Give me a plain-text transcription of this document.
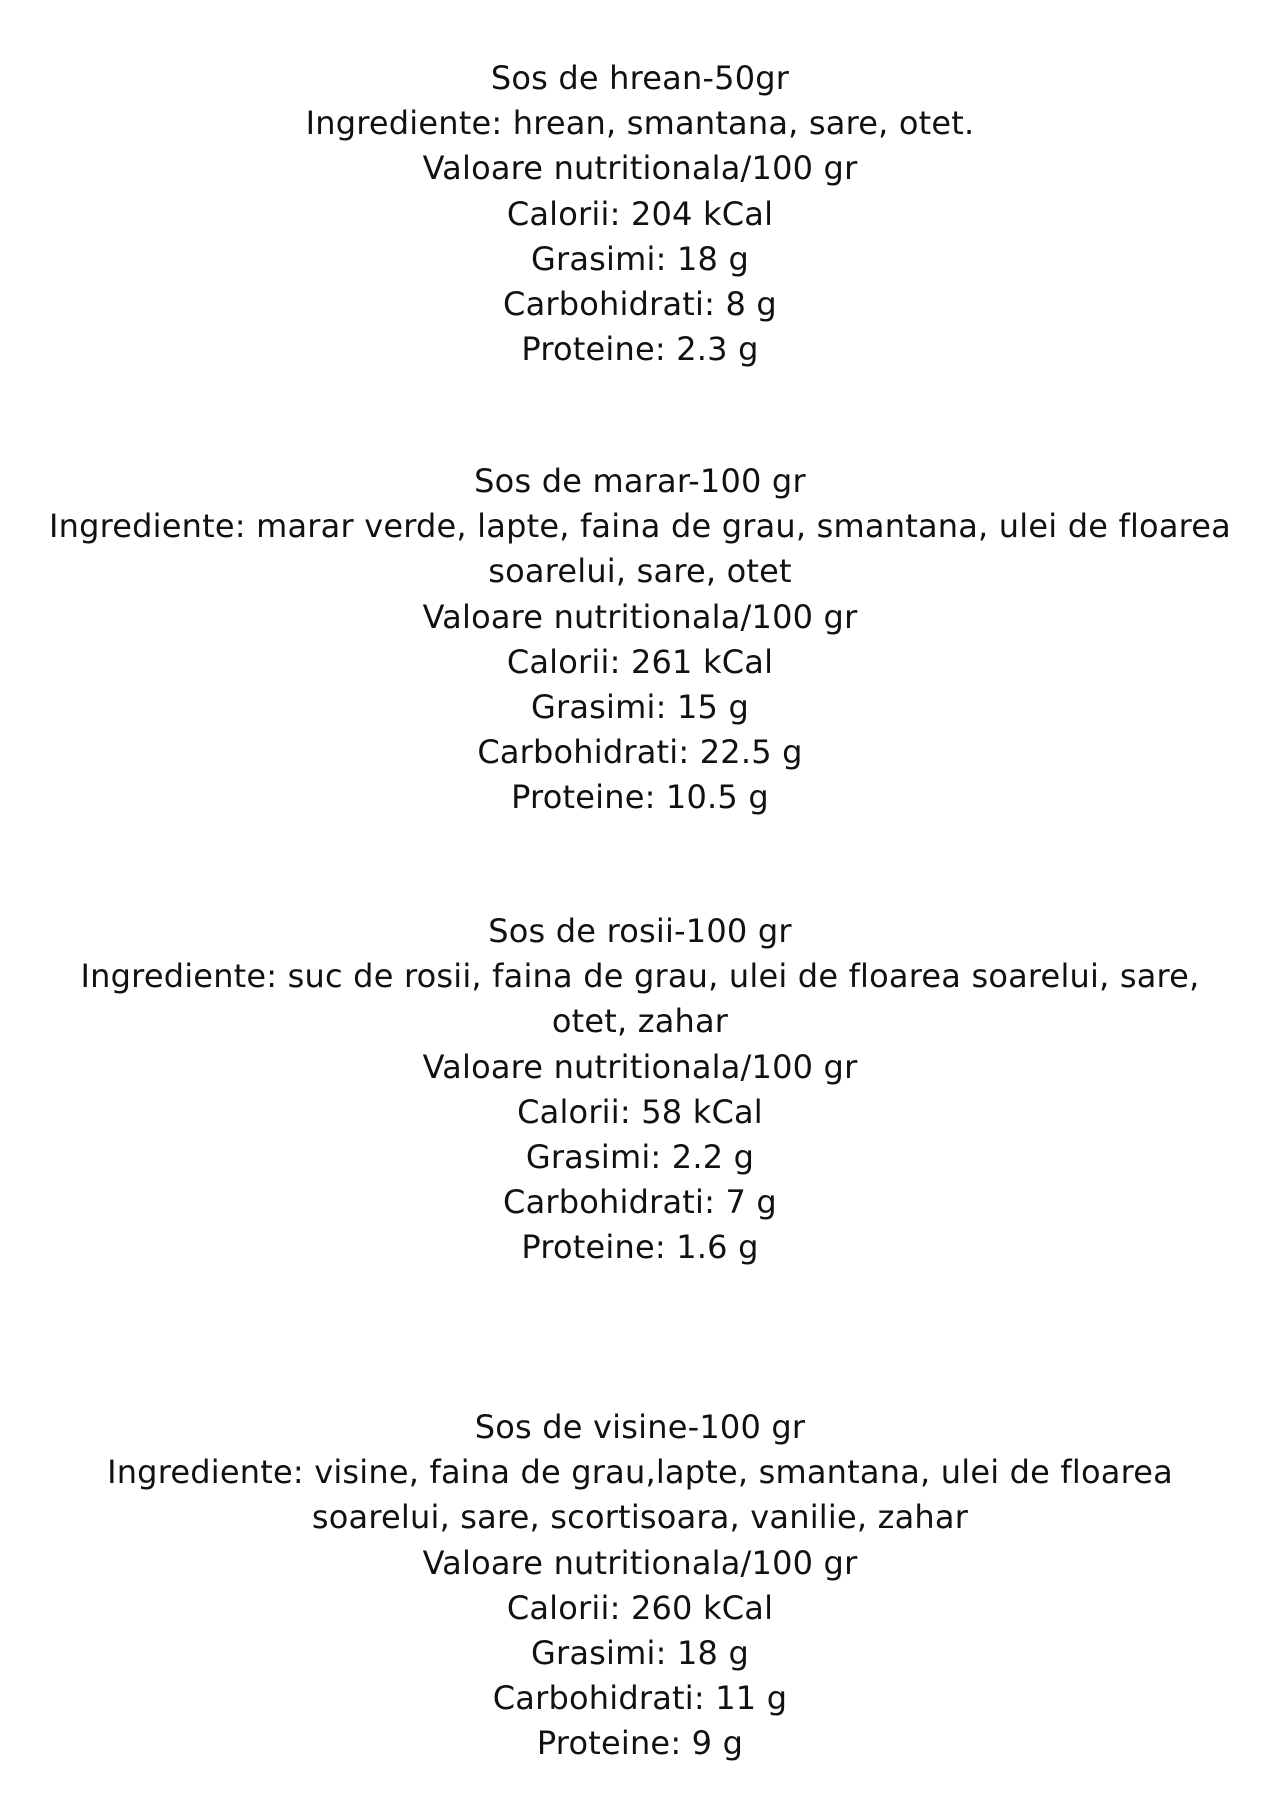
Sos de hrean-50gr
Ingrediente: hrean, smantana, sare, otet.
Valoare nutritionala/100 gr
Calorii: 204 kCal
Grasimi: 18 g
Carbohidrati: 8 g
Proteine: 2.3 g
Sos de marar-100 gr
Ingrediente: marar verde, lapte, faina de grau, smantana, ulei de floarea soarelui, sare, otet
Valoare nutritionala/100 gr
Calorii: 261 kCal
Grasimi: 15 g
Carbohidrati: 22.5 g
Proteine: 10.5 g
Sos de rosii-100 gr
Ingrediente: suc de rosii, faina de grau, ulei de floarea soarelui, sare, otet, zahar
Valoare nutritionala/100 gr
Calorii: 58 kCal
Grasimi: 2.2 g
Carbohidrati: 7 g
Proteine: 1.6 g
Sos de visine-100 gr
Ingrediente: visine, faina de grau,lapte, smantana, ulei de floarea soarelui, sare, scortisoara, vanilie, zahar
Valoare nutritionala/100 gr
Calorii: 260 kCal
Grasimi: 18 g
Carbohidrati: 11 g
Proteine: 9 g
